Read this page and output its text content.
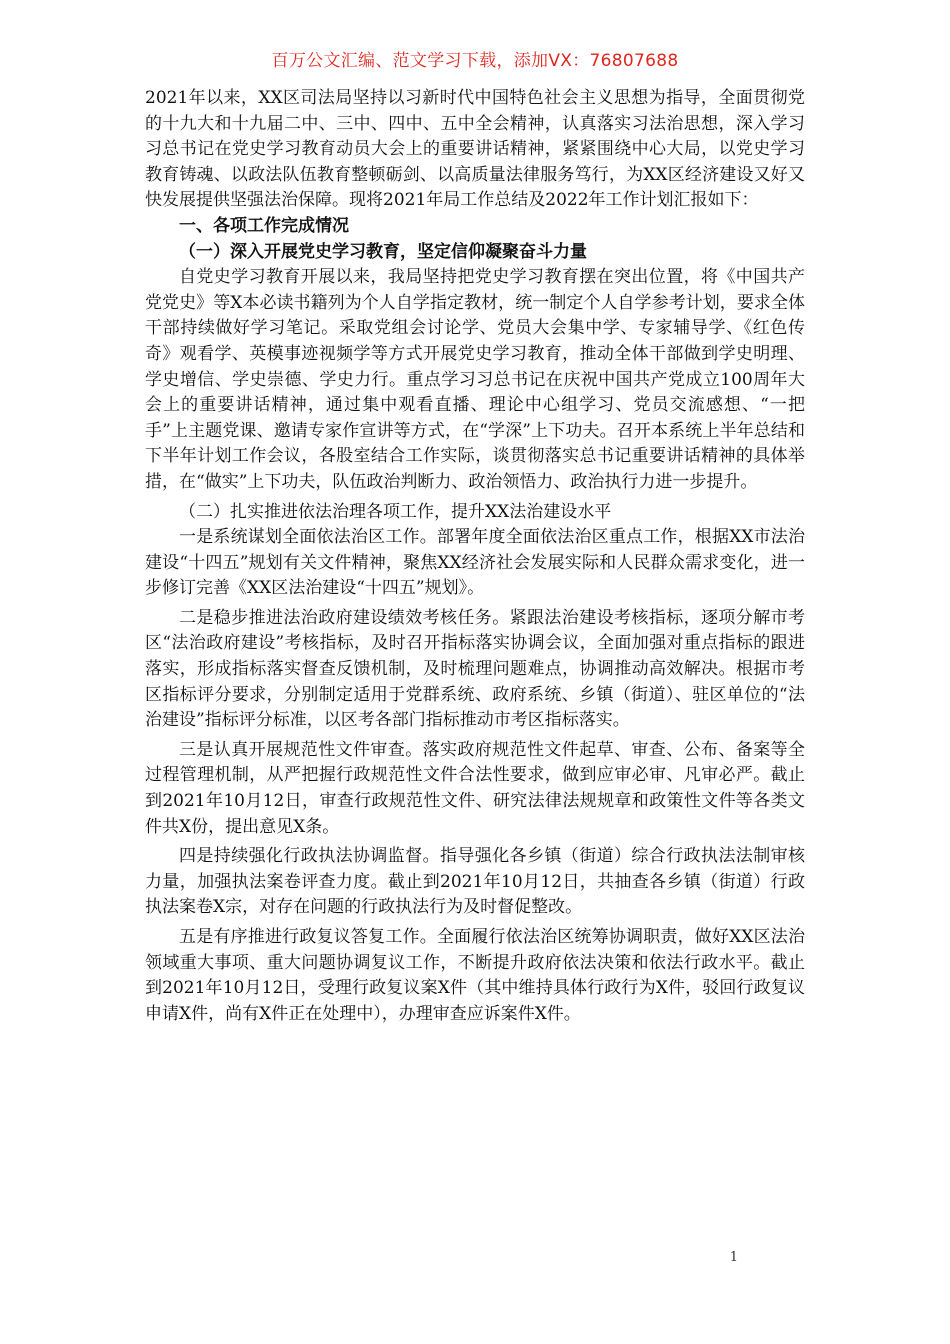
百万公文汇编、范文学习下载，添加VX：76807688

2021年以来，XX区司法局坚持以习新时代中国特色社会主义思想为指导，全面贯彻党的十九大和十九届二中、三中、四中、五中全会精神，认真落实习法治思想，深入学习习总书记在党史学习教育动员大会上的重要讲话精神，紧紧围绕中心大局，以党史学习教育铸魂、以政法队伍教育整顿砺剑、以高质量法律服务笃行，为XX区经济建设又好又快发展提供坚强法治保障。现将2021年局工作总结及2022年工作计划汇报如下：

一、各项工作完成情况

（一）深入开展党史学习教育，坚定信仰凝聚奋斗力量

自党史学习教育开展以来，我局坚持把党史学习教育摆在突出位置，将《中国共产党党史》等X本必读书籍列为个人自学指定教材，统一制定个人自学参考计划，要求全体干部持续做好学习笔记。采取党组会讨论学、党员大会集中学、专家辅导学、《红色传奇》观看学、英模事迹视频学等方式开展党史学习教育，推动全体干部做到学史明理、学史增信、学史崇德、学史力行。重点学习习总书记在庆祝中国共产党成立100周年大会上的重要讲话精神，通过集中观看直播、理论中心组学习、党员交流感想、“一把手”上主题党课、邀请专家作宣讲等方式，在“学深”上下功夫。召开本系统上半年总结和下半年计划工作会议，各股室结合工作实际，谈贯彻落实总书记重要讲话精神的具体举措，在“做实”上下功夫，队伍政治判断力、政治领悟力、政治执行力进一步提升。

（二）扎实推进依法治理各项工作，提升XX法治建设水平

一是系统谋划全面依法治区工作。部署年度全面依法治区重点工作，根据XX市法治建设“十四五”规划有关文件精神，聚焦XX经济社会发展实际和人民群众需求变化，进一步修订完善《XX区法治建设“十四五”规划》。

二是稳步推进法治政府建设绩效考核任务。紧跟法治建设考核指标，逐项分解市考区“法治政府建设”考核指标，及时召开指标落实协调会议，全面加强对重点指标的跟进落实，形成指标落实督查反馈机制，及时梳理问题难点，协调推动高效解决。根据市考区指标评分要求，分别制定适用于党群系统、政府系统、乡镇（街道）、驻区单位的“法治建设”指标评分标准，以区考各部门指标推动市考区指标落实。

三是认真开展规范性文件审查。落实政府规范性文件起草、审查、公布、备案等全过程管理机制，从严把握行政规范性文件合法性要求，做到应审必审、凡审必严。截止到2021年10月12日，审查行政规范性文件、研究法律法规规章和政策性文件等各类文件共X份，提出意见X条。

四是持续强化行政执法协调监督。指导强化各乡镇（街道）综合行政执法法制审核力量，加强执法案卷评查力度。截止到2021年10月12日，共抽查各乡镇（街道）行政执法案卷X宗，对存在问题的行政执法行为及时督促整改。

五是有序推进行政复议答复工作。全面履行依法治区统筹协调职责，做好XX区法治领域重大事项、重大问题协调复议工作，不断提升政府依法决策和依法行政水平。截止到2021年10月12日，受理行政复议案X件（其中维持具体行政行为X件，驳回行政复议申请X件，尚有X件正在处理中），办理审查应诉案件X件。

1
